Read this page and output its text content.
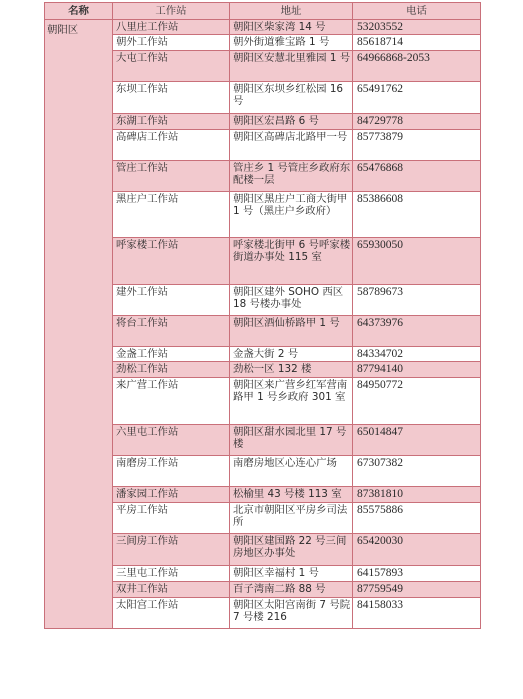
名称	工作站	地址	电话
朝阳区	八里庄工作站	朝阳区柴家湾 14 号	53203552
	朝外工作站	朝外街道雅宝路 1 号	85618714
	大屯工作站	朝阳区安慧北里雅园 1 号	64966868-2053
	东坝工作站	朝阳区东坝乡红松园 16 号	65491762
	东湖工作站	朝阳区宏昌路 6 号	84729778
	高碑店工作站	朝阳区高碑店北路甲一号	85773879
	管庄工作站	管庄乡 1 号管庄乡政府东配楼一层	65476868
	黑庄户工作站	朝阳区黑庄户工商大街甲 1 号（黑庄户乡政府）	85386608
	呼家楼工作站	呼家楼北街甲 6 号呼家楼街道办事处 115 室	65930050
	建外工作站	朝阳区建外 SOHO 西区 18 号楼办事处	58789673
	将台工作站	朝阳区酒仙桥路甲 1 号	64373976
	金盏工作站	金盏大街 2 号	84334702
	劲松工作站	劲松一区 132 楼	87794140
	来广营工作站	朝阳区来广营乡红军营南路甲 1 号乡政府 301 室	84950772
	六里屯工作站	朝阳区甜水园北里 17 号楼	65014847
	南磨房工作站	南磨房地区心连心广场	67307382
	潘家园工作站	松榆里 43 号楼 113 室	87381810
	平房工作站	北京市朝阳区平房乡司法所	85575886
	三间房工作站	朝阳区建国路 22 号三间房地区办事处	65420030
	三里屯工作站	朝阳区幸福村 1 号	64157893
	双井工作站	百子湾南二路 88 号	87759549
	太阳宫工作站	朝阳区太阳宫南街 7 号院 7 号楼 216	84158033
